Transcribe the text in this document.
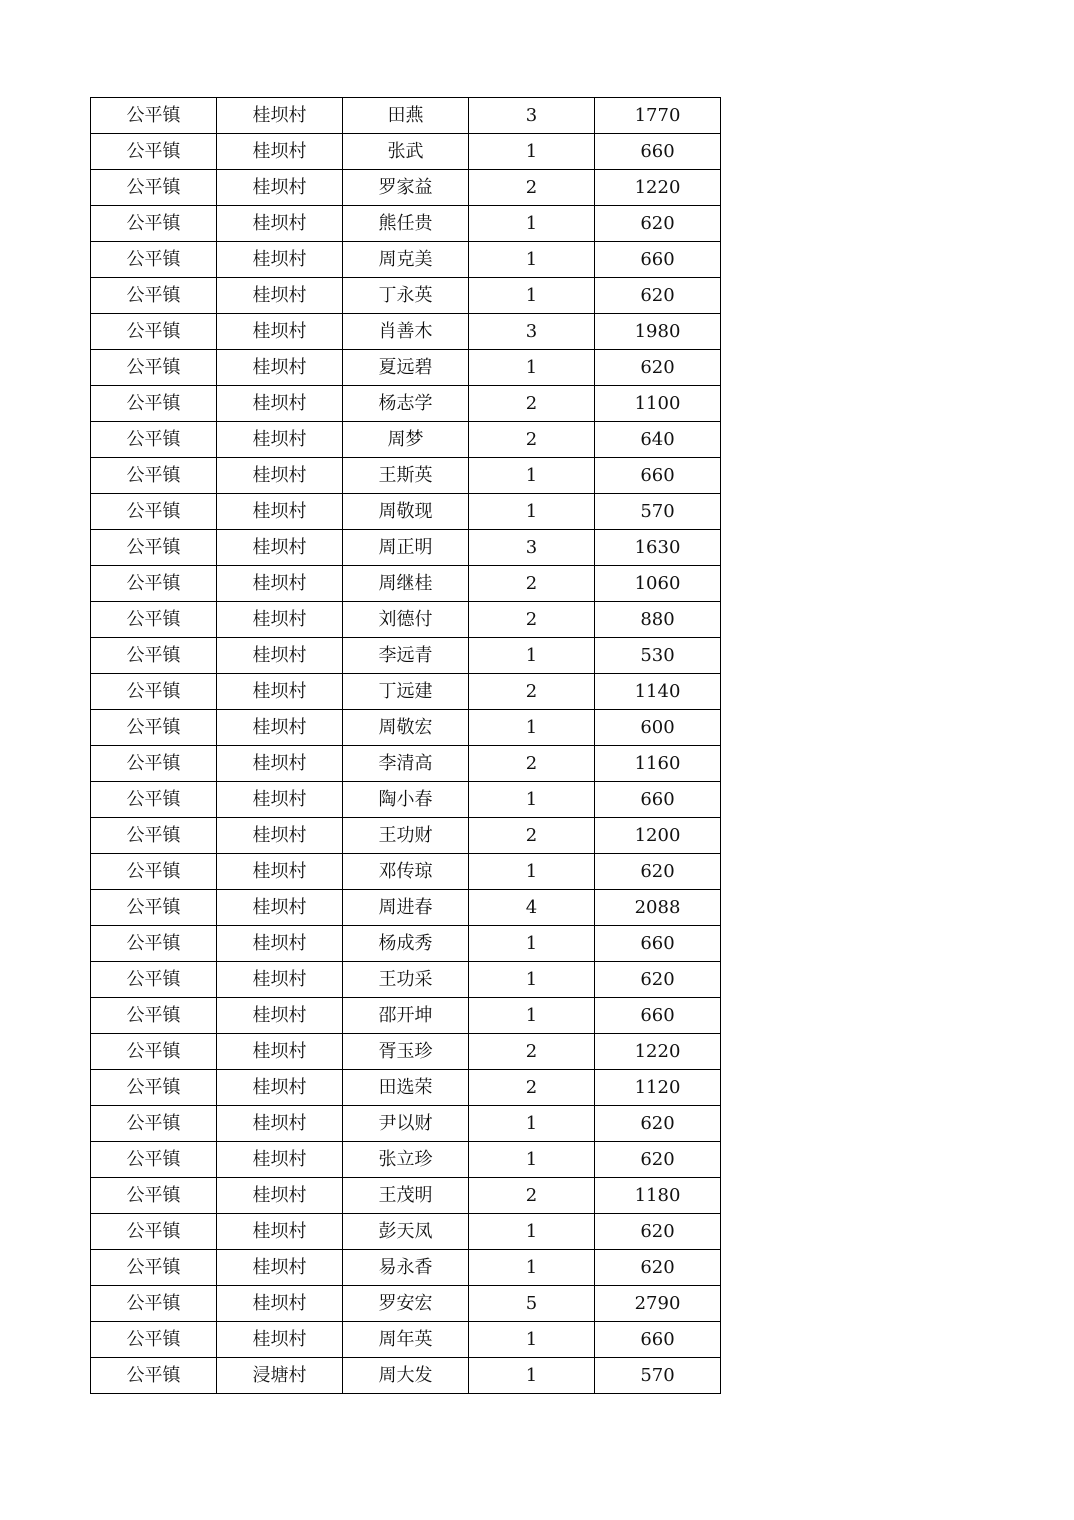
公平镇	桂坝村	田燕	3	1770
公平镇	桂坝村	张武	1	660
公平镇	桂坝村	罗家益	2	1220
公平镇	桂坝村	熊任贵	1	620
公平镇	桂坝村	周克美	1	660
公平镇	桂坝村	丁永英	1	620
公平镇	桂坝村	肖善木	3	1980
公平镇	桂坝村	夏远碧	1	620
公平镇	桂坝村	杨志学	2	1100
公平镇	桂坝村	周梦	2	640
公平镇	桂坝村	王斯英	1	660
公平镇	桂坝村	周敬现	1	570
公平镇	桂坝村	周正明	3	1630
公平镇	桂坝村	周继桂	2	1060
公平镇	桂坝村	刘德付	2	880
公平镇	桂坝村	李远青	1	530
公平镇	桂坝村	丁远建	2	1140
公平镇	桂坝村	周敬宏	1	600
公平镇	桂坝村	李清高	2	1160
公平镇	桂坝村	陶小春	1	660
公平镇	桂坝村	王功财	2	1200
公平镇	桂坝村	邓传琼	1	620
公平镇	桂坝村	周进春	4	2088
公平镇	桂坝村	杨成秀	1	660
公平镇	桂坝村	王功采	1	620
公平镇	桂坝村	邵开坤	1	660
公平镇	桂坝村	胥玉珍	2	1220
公平镇	桂坝村	田选荣	2	1120
公平镇	桂坝村	尹以财	1	620
公平镇	桂坝村	张立珍	1	620
公平镇	桂坝村	王茂明	2	1180
公平镇	桂坝村	彭天凤	1	620
公平镇	桂坝村	易永香	1	620
公平镇	桂坝村	罗安宏	5	2790
公平镇	桂坝村	周年英	1	660
公平镇	浸塘村	周大发	1	570
